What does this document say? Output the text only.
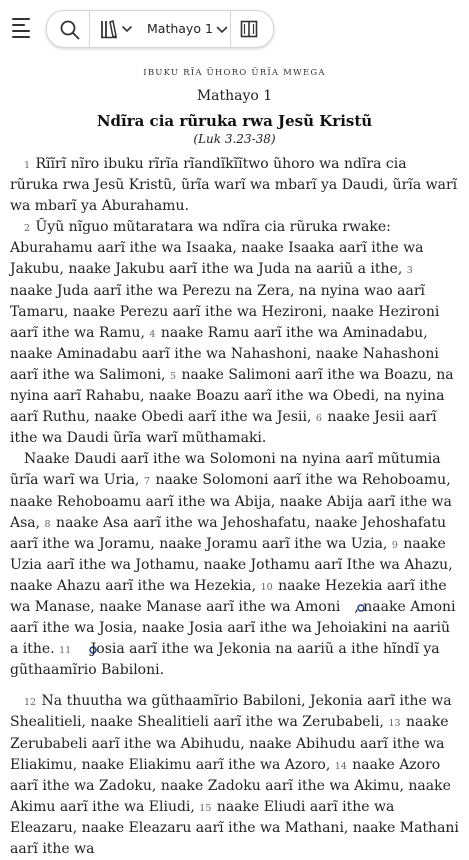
Mathayo 1
IBUKU RĨA ŨHORO ŨRĨA MWEGA
Mathayo 1
Ndĩra cia rũruka rwa Jesũ Kristũ
(Luk 3.23-38)

$^1$ Rĩĩrĩ nĩro ibuku rĩrĩa rĩandĩkĩĩtwo ũhoro wa ndĩra cia rũruka rwa Jesũ Kristũ, ũrĩa warĩ wa mbarĩ ya Daudi, ũrĩa warĩ wa mbarĩ ya Aburahamu.

$^2$ Ũyũ nĩguo mũtaratara wa ndĩra cia rũruka rwake: Aburahamu aarĩ ithe wa Isaaka, naake Isaaka aarĩ ithe wa Jakubu, naake Jakubu aarĩ ithe wa Juda na aariũ a ithe, $^3$ naake Juda aarĩ ithe wa Perezu na Zera, na nyina wao aarĩ Tamaru, naake Perezu aarĩ ithe wa Hezironi, naake Hezironi aarĩ ithe wa Ramu, $^4$ naake Ramu aarĩ ithe wa Aminadabu, naake Aminadabu aarĩ ithe wa Nahashoni, naake Nahashoni aarĩ ithe wa Salimoni, $^5$ naake Salimoni aarĩ ithe wa Boazu, na nyina aarĩ Rahabu, naake Boazu aarĩ ithe wa Obedi, na nyina aarĩ Ruthu, naake Obedi aarĩ ithe wa Jesii, $^6$ naake Jesii aarĩ ithe wa Daudi ũrĩa warĩ mũthamaki.

Naake Daudi aarĩ ithe wa Solomoni na nyina aarĩ mũtumia ũrĩa warĩ wa Uria, $^7$ naake Solomoni aarĩ ithe wa Rehoboamu, naake Rehoboamu aarĩ ithe wa Abija, naake Abija aarĩ ithe wa Asa, $^8$ naake Asa aarĩ ithe wa Jehoshafatu, naake Jehoshafatu aarĩ ithe wa Joramu, naake Joramu aarĩ ithe wa Uzia, $^9$ naake Uzia aarĩ ithe wa Jothamu, naake Jothamu aarĩ Ithe wa Ahazu, naake Ahazu aarĩ ithe wa Hezekia, $^{10}$ naake Hezekia aarĩ ithe wa Manase, naake Manase aarĩ ithe wa Amoni , naake Amoni aarĩ ithe wa Josia, naake Josia aarĩ ithe wa Jehoiakini na aariũ a ithe. $^{11}$ Josia aarĩ ithe wa Jekonia na aariũ a ithe hĩndĩ ya gũthaamĩrio Babiloni.

$^{12}$ Na thuutha wa gũthaamĩrio Babiloni, Jekonia aarĩ ithe wa Shealitieli, naake Shealitieli aarĩ ithe wa Zerubabeli, $^{13}$ naake Zerubabeli aarĩ ithe wa Abihudu, naake Abihudu aarĩ ithe wa Eliakimu, naake Eliakimu aarĩ ithe wa Azoro, $^{14}$ naake Azoro aarĩ ithe wa Zadoku, naake Zadoku aarĩ ithe wa Akimu, naake Akimu aarĩ ithe wa Eliudi, $^{15}$ naake Eliudi aarĩ ithe wa Eleazaru, naake Eleazaru aarĩ ithe wa Mathani, naake Mathani aarĩ ithe wa
